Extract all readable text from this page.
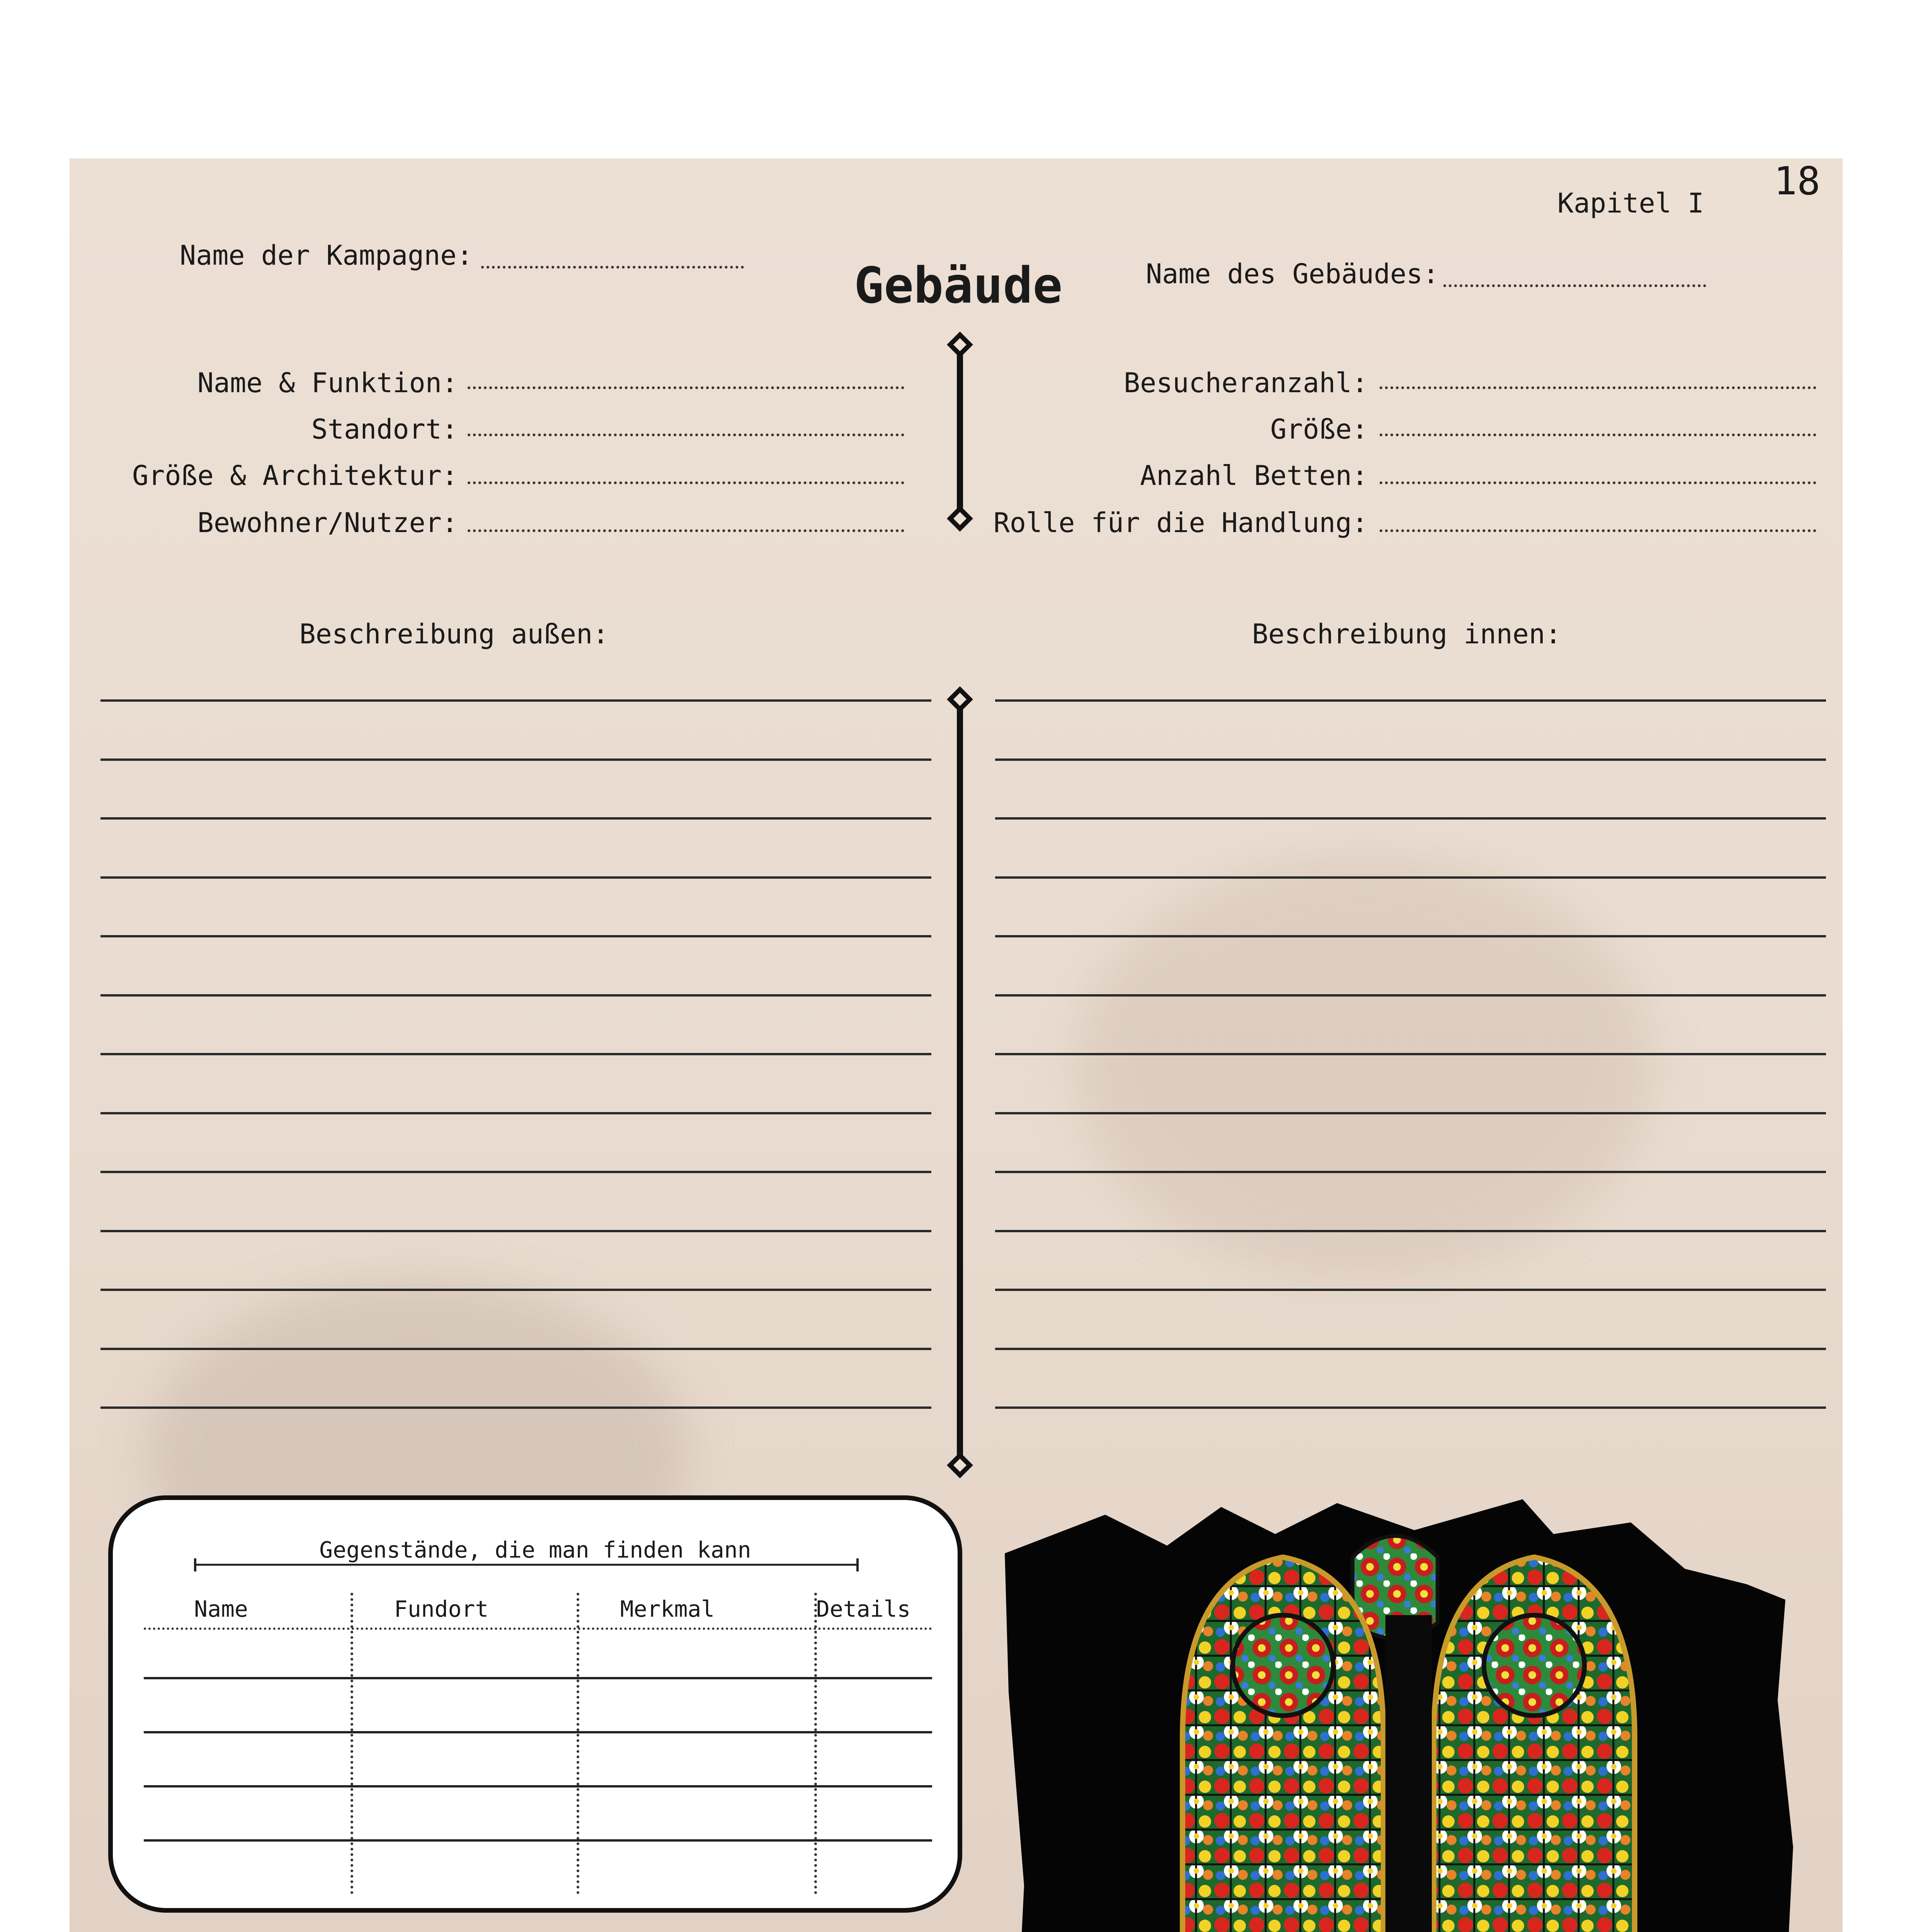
18
Kapitel I
Name der Kampagne:
Gebäude	Name des Gebäudes:
Name & Funktion:
Standort:
Größe & Architektur:
Bewohner/Nutzer:
Besucheranzahl:
Größe:
Anzahl Betten:
Rolle für die Handlung:
Beschreibung außen:	Beschreibung innen:
Gegenstände, die man finden kann
Name	Fundort	Merkmal	Details
